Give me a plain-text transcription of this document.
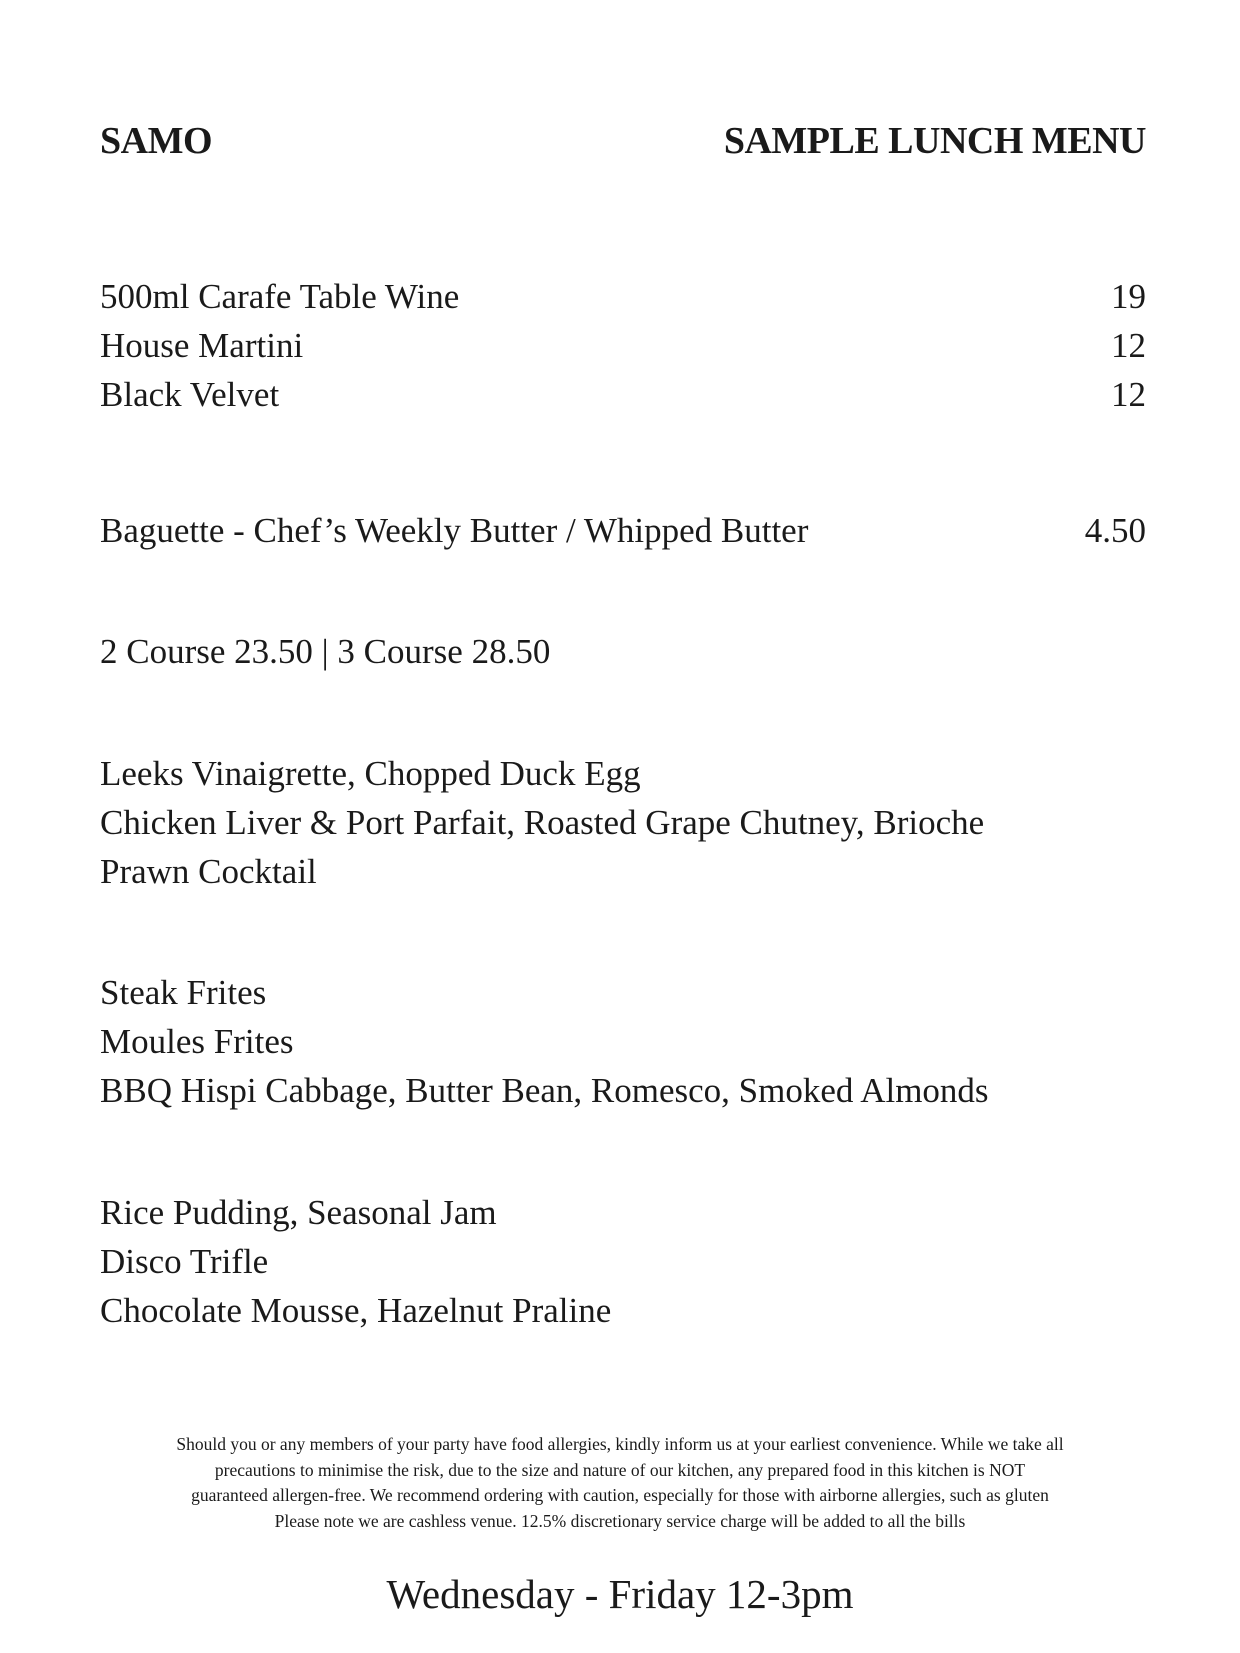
SAMO	SAMPLE LUNCH MENU
500ml Carafe Table Wine	19
House Martini	12
Black Velvet	12
Baguette - Chef’s Weekly Butter / Whipped Butter	4.50
2 Course 23.50 | 3 Course 28.50
Leeks Vinaigrette, Chopped Duck Egg
Chicken Liver & Port Parfait, Roasted Grape Chutney, Brioche
Prawn Cocktail
Steak Frites
Moules Frites
BBQ Hispi Cabbage, Butter Bean, Romesco, Smoked Almonds
Rice Pudding, Seasonal Jam
Disco Trifle
Chocolate Mousse, Hazelnut Praline

Should you or any members of your party have food allergies, kindly inform us at your earliest convenience. While we take all

precautions to minimise the risk, due to the size and nature of our kitchen, any prepared food in this kitchen is NOT

guaranteed allergen-free. We recommend ordering with caution, especially for those with airborne allergies, such as gluten

Please note we are cashless venue. 12.5% discretionary service charge will be added to all the bills

Wednesday - Friday 12-3pm
